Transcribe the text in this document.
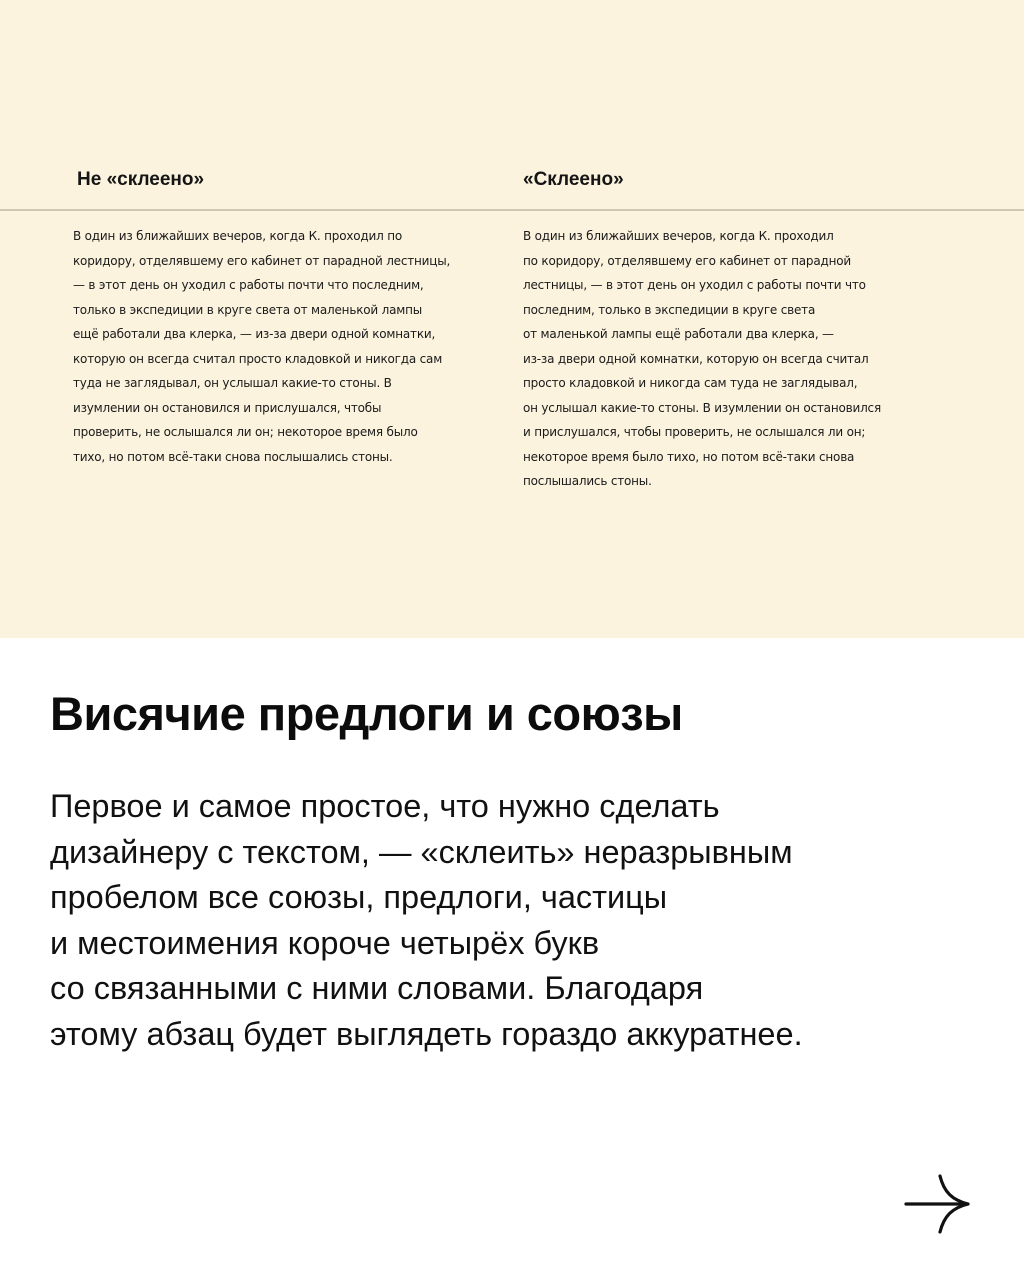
Не «склеено»	«Склеено»

В один из ближайших вечеров, когда К. проходил по
коридору, отделявшему его кабинет от парадной лестницы,
— в этот день он уходил с работы почти что последним,
только в экспедиции в круге света от маленькой лампы
ещё работали два клерка, — из-за двери одной комнатки,
которую он всегда считал просто кладовкой и никогда сам
туда не заглядывал, он услышал какие-то стоны. В
изумлении он остановился и прислушался, чтобы
проверить, не ослышался ли он; некоторое время было
тихо, но потом всё-таки снова послышались стоны.

В один из ближайших вечеров, когда К. проходил
по коридору, отделявшему его кабинет от парадной
лестницы, — в этот день он уходил с работы почти что
последним, только в экспедиции в круге света
от маленькой лампы ещё работали два клерка, —
из-за двери одной комнатки, которую он всегда считал
просто кладовкой и никогда сам туда не заглядывал,
он услышал какие-то стоны. В изумлении он остановился
и прислушался, чтобы проверить, не ослышался ли он;
некоторое время было тихо, но потом всё-таки снова
послышались стоны.

Висячие предлоги и союзы

Первое и самое простое, что нужно сделать
дизайнеру с текстом, — «склеить» неразрывным
пробелом все союзы, предлоги, частицы
и местоимения короче четырёх букв
со связанными с ними словами. Благодаря
этому абзац будет выглядеть гораздо аккуратнее.
